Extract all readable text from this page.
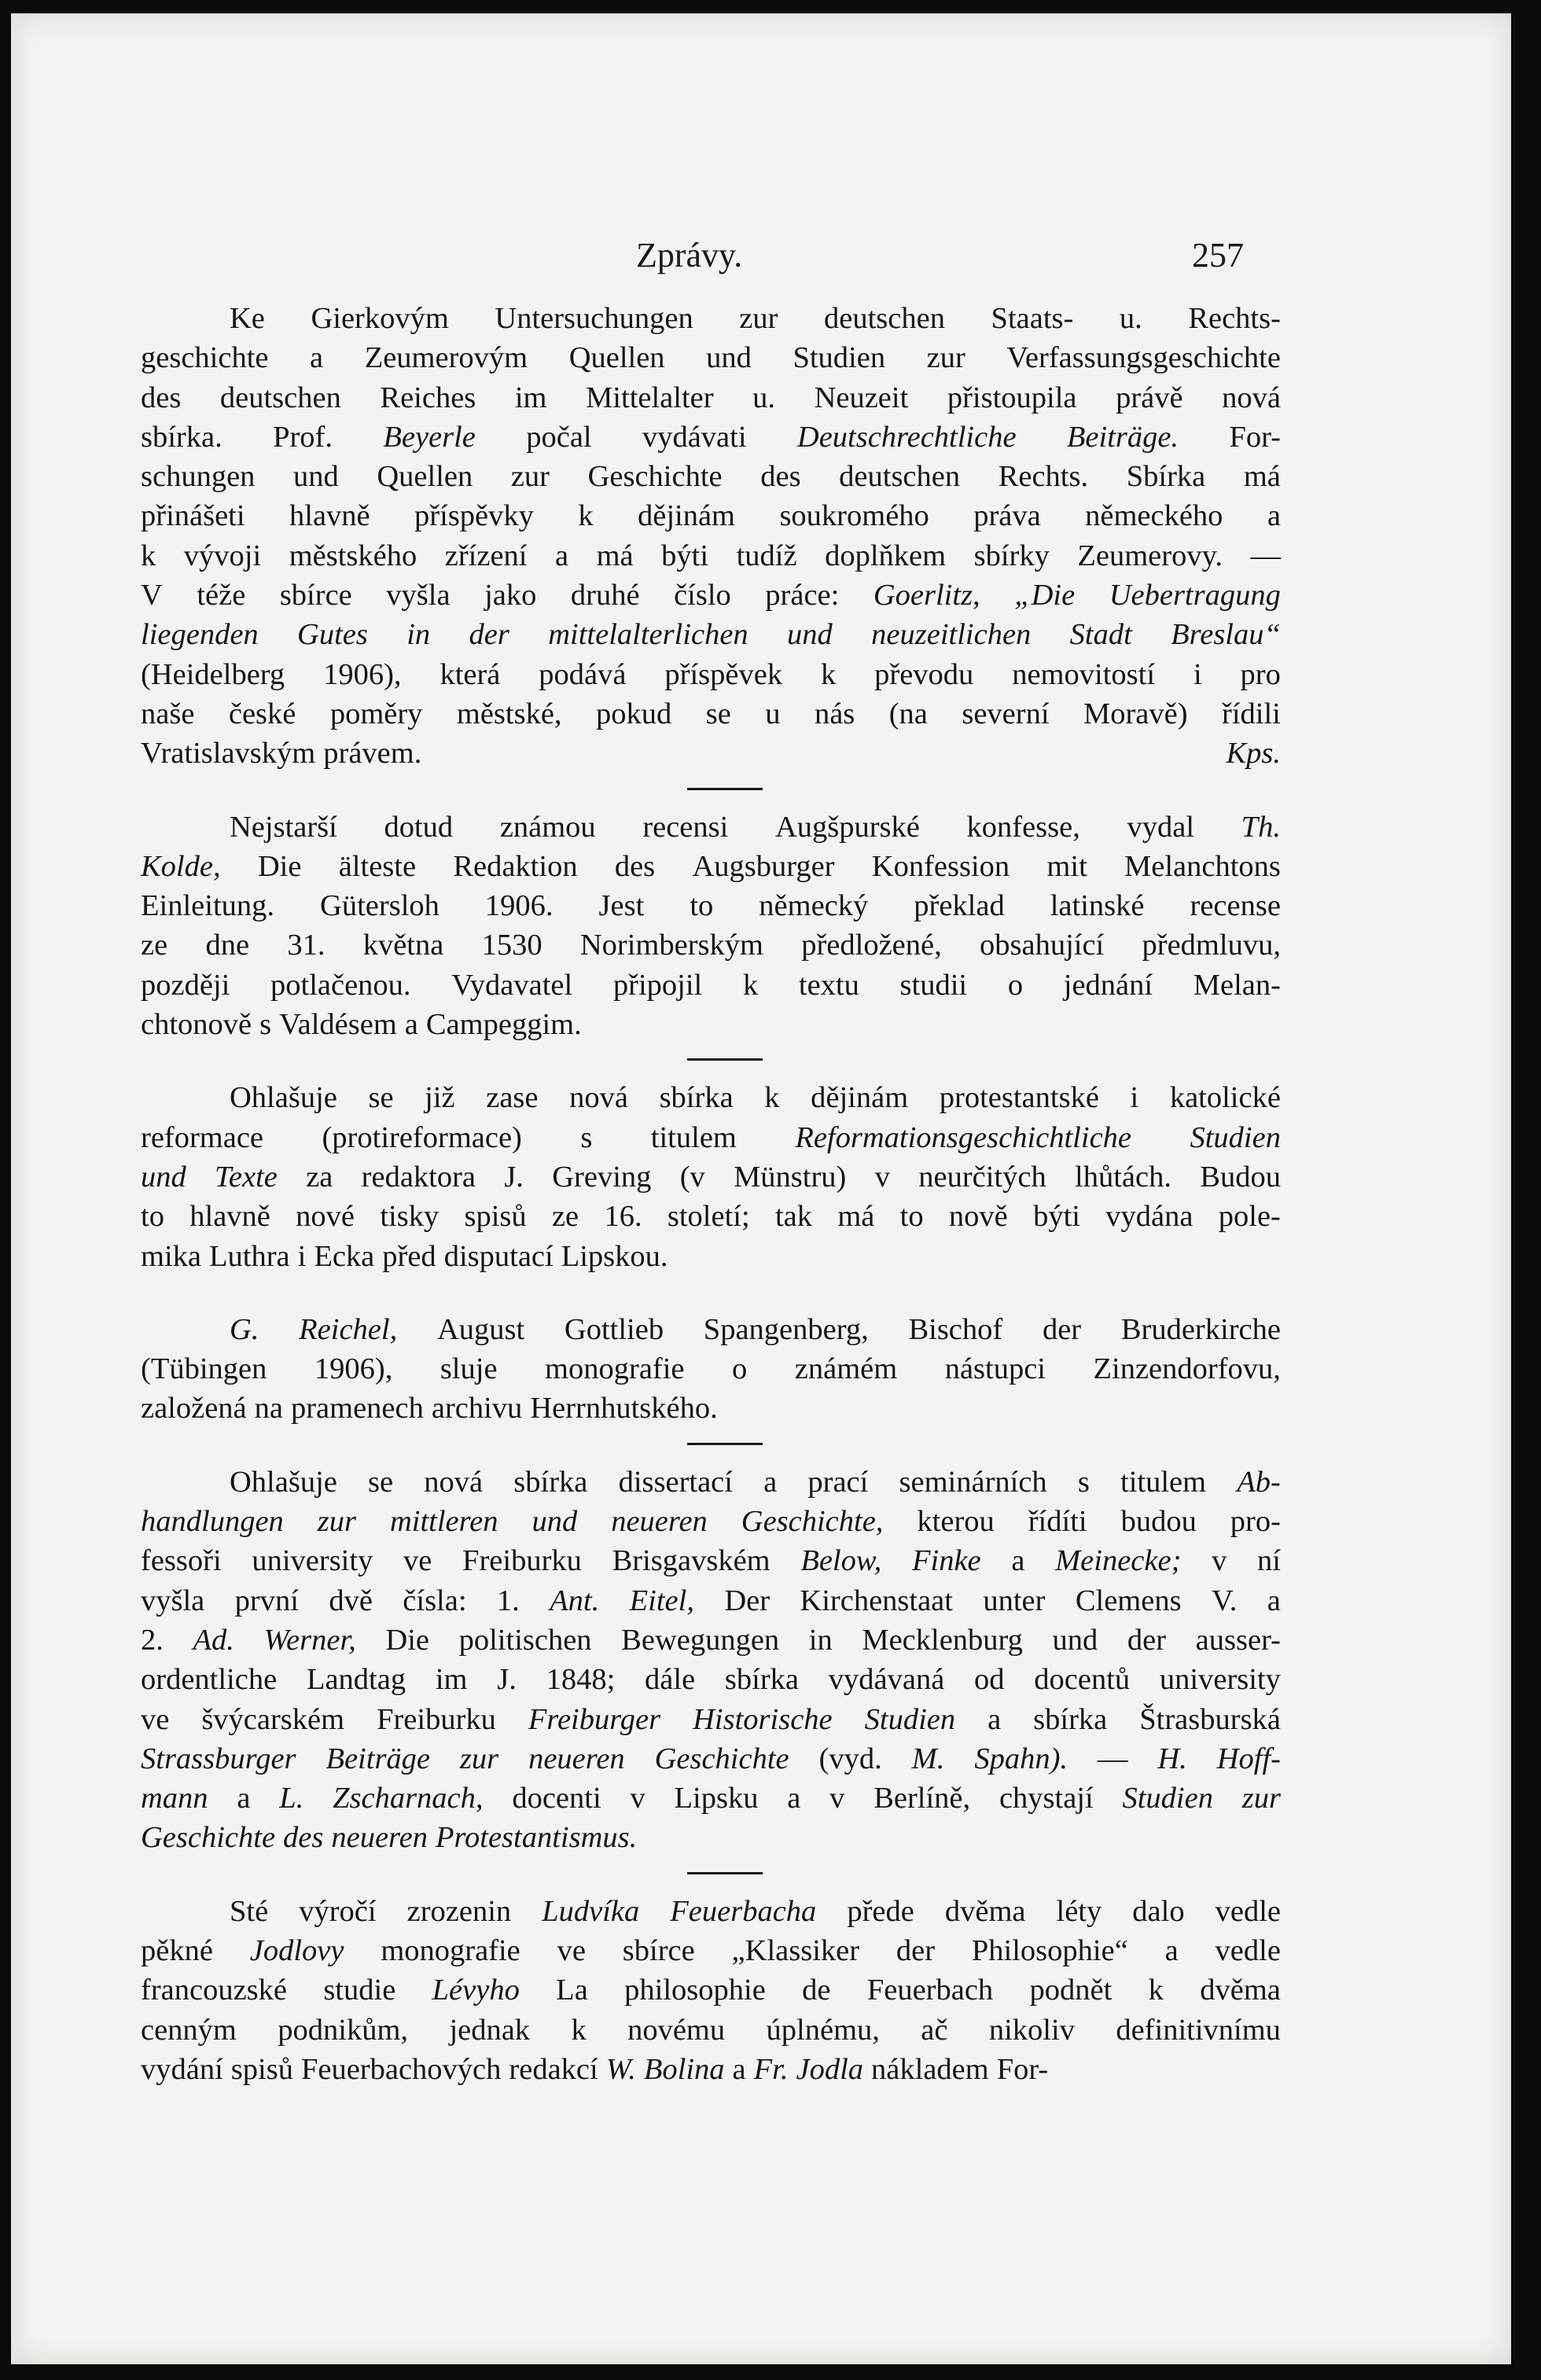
Zprávy.	257
Ke Gierkovým Untersuchungen zur deutschen Staats- u. Rechts-
geschichte a Zeumerovým Quellen und Studien zur Verfassungsgeschichte
des deutschen Reiches im Mittelalter u. Neuzeit přistoupila právě nová
sbírka. Prof. Beyerle počal vydávati Deutschrechtliche Beiträge. For-
schungen und Quellen zur Geschichte des deutschen Rechts. Sbírka má
přinášeti hlavně příspěvky k dějinám soukromého práva německého a
k vývoji městského zřízení a má býti tudíž doplňkem sbírky Zeumerovy. —
V téže sbírce vyšla jako druhé číslo práce: Goerlitz, „Die Uebertragung
liegenden Gutes in der mittelalterlichen und neuzeitlichen Stadt Breslau“
(Heidelberg 1906), která podává příspěvek k převodu nemovitostí i pro
naše české poměry městské, pokud se u nás (na severní Moravě) řídili
Vratislavským právem.	Kps.
Nejstarší dotud známou recensi Augšpurské konfesse, vydal Th.
Kolde, Die älteste Redaktion des Augsburger Konfession mit Melanchtons
Einleitung. Gütersloh 1906. Jest to německý překlad latinské recense
ze dne 31. května 1530 Norimberským předložené, obsahující předmluvu,
později potlačenou. Vydavatel připojil k textu studii o jednání Melan-
chtonově s Valdésem a Campeggim.
Ohlašuje se již zase nová sbírka k dějinám protestantské i katolické
reformace (protireformace) s titulem Reformationsgeschichtliche Studien
und Texte za redaktora J. Greving (v Münstru) v neurčitých lhůtách. Budou
to hlavně nové tisky spisů ze 16. století; tak má to nově býti vydána pole-
mika Luthra i Ecka před disputací Lipskou.
G. Reichel, August Gottlieb Spangenberg, Bischof der Bruderkirche
(Tübingen 1906), sluje monografie o známém nástupci Zinzendorfovu,
založená na pramenech archivu Herrnhutského.
Ohlašuje se nová sbírka dissertací a prací seminárních s titulem Ab-
handlungen zur mittleren und neueren Geschichte, kterou řídíti budou pro-
fessoři university ve Freiburku Brisgavském Below, Finke a Meinecke; v ní
vyšla první dvě čísla: 1. Ant. Eitel, Der Kirchenstaat unter Clemens V. a
2. Ad. Werner, Die politischen Bewegungen in Mecklenburg und der ausser-
ordentliche Landtag im J. 1848; dále sbírka vydávaná od docentů university
ve švýcarském Freiburku Freiburger Historische Studien a sbírka Štrasburská
Strassburger Beiträge zur neueren Geschichte (vyd. M. Spahn). — H. Hoff-
mann a L. Zscharnach, docenti v Lipsku a v Berlíně, chystají Studien zur
Geschichte des neueren Protestantismus.
Sté výročí zrozenin Ludvíka Feuerbacha přede dvěma léty dalo vedle
pěkné Jodlovy monografie ve sbírce „Klassiker der Philosophie“ a vedle
francouzské studie Lévyho La philosophie de Feuerbach podnět k dvěma
cenným podnikům, jednak k novému úplnému, ač nikoliv definitivnímu
vydání spisů Feuerbachových redakcí W. Bolina a Fr. Jodla nákladem For-
